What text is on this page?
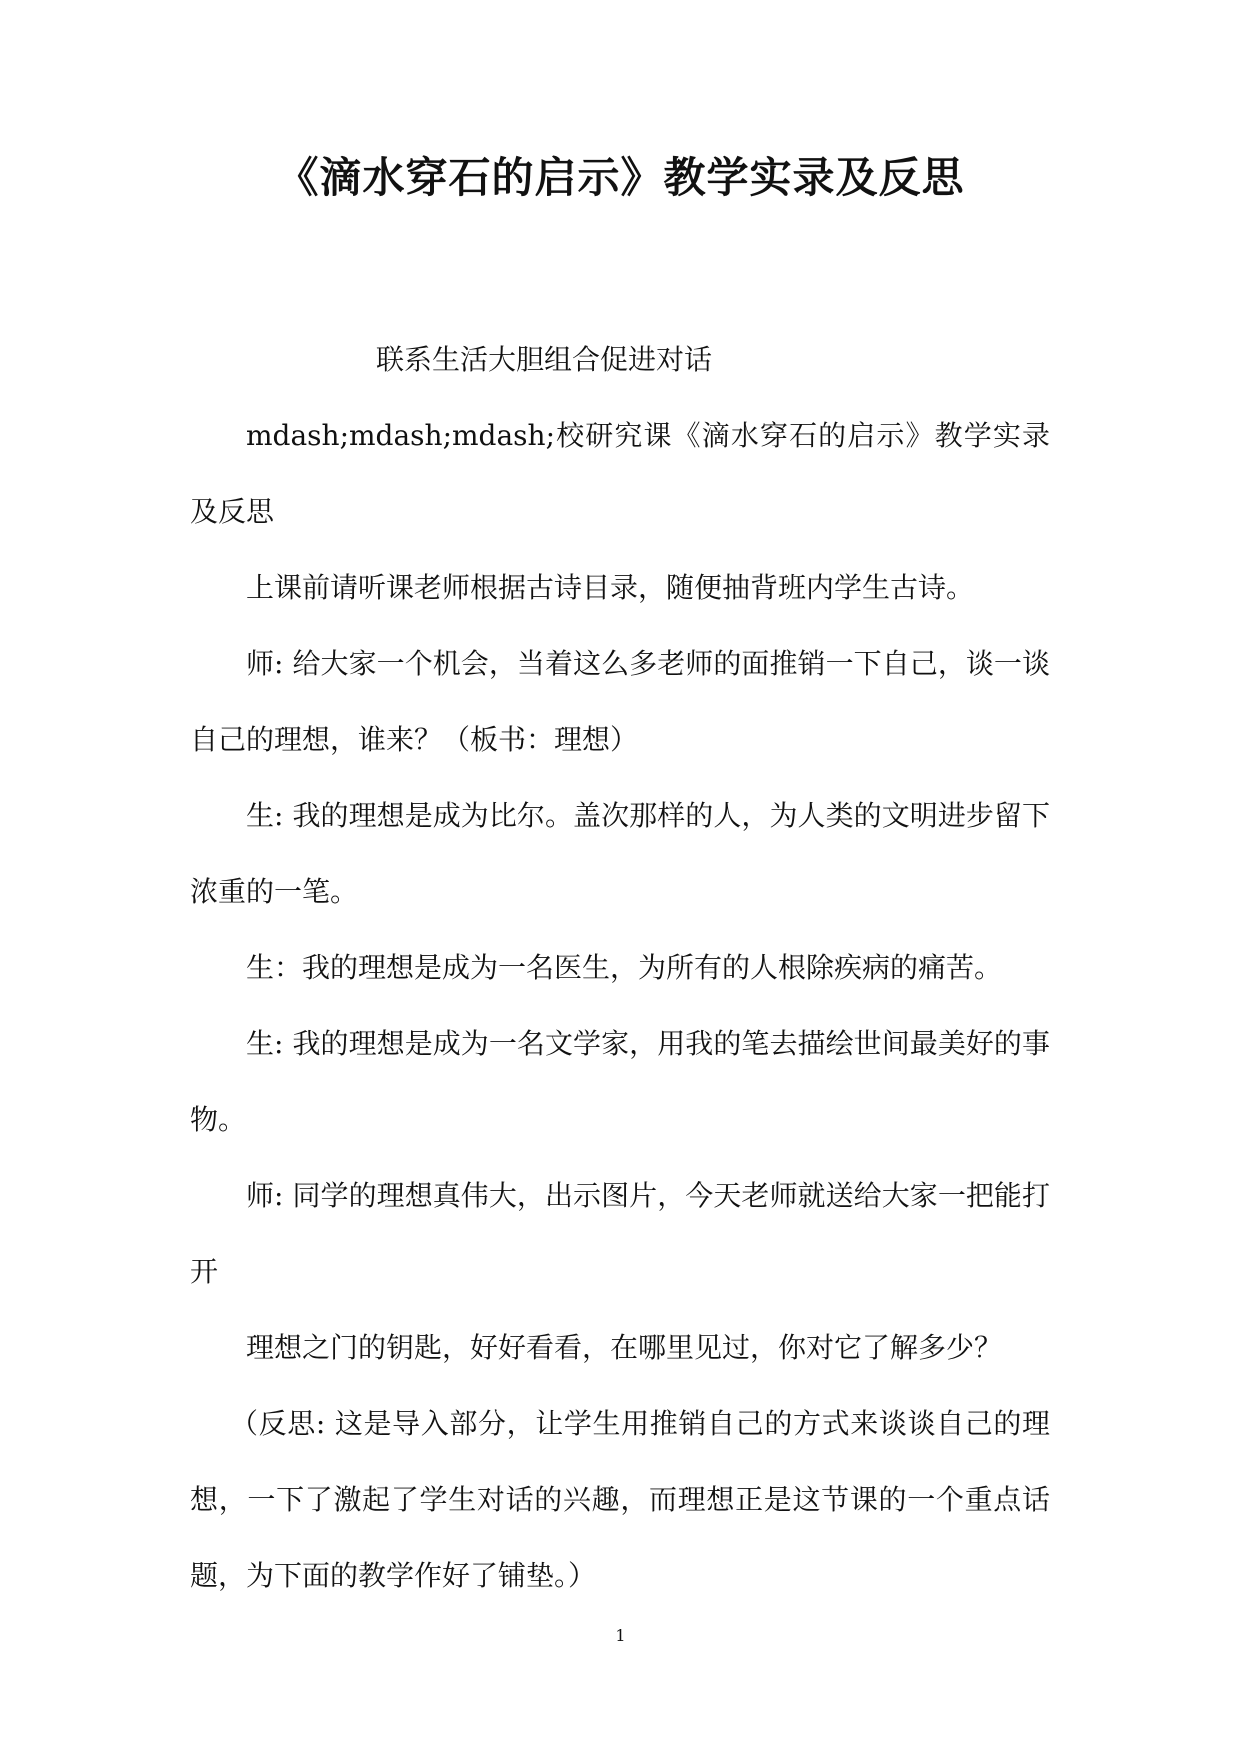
《滴水穿石的启示》教学实录及反思

联系生活大胆组合促进对话

mdash;mdash;mdash;校研究课《滴水穿石的启示》教学实录及反思

上课前请听课老师根据古诗目录，随便抽背班内学生古诗。

师: 给大家一个机会，当着这么多老师的面推销一下自己，谈一谈自己的理想，谁来？（板书：理想）

生: 我的理想是成为比尔。盖次那样的人，为人类的文明进步留下浓重的一笔。

生：我的理想是成为一名医生，为所有的人根除疾病的痛苦。

生: 我的理想是成为一名文学家，用我的笔去描绘世间最美好的事物。

师: 同学的理想真伟大，出示图片，今天老师就送给大家一把能打开

理想之门的钥匙，好好看看，在哪里见过，你对它了解多少？

（反思: 这是导入部分，让学生用推销自己的方式来谈谈自己的理想，一下了激起了学生对话的兴趣，而理想正是这节课的一个重点话题，为下面的教学作好了铺垫。）

1
